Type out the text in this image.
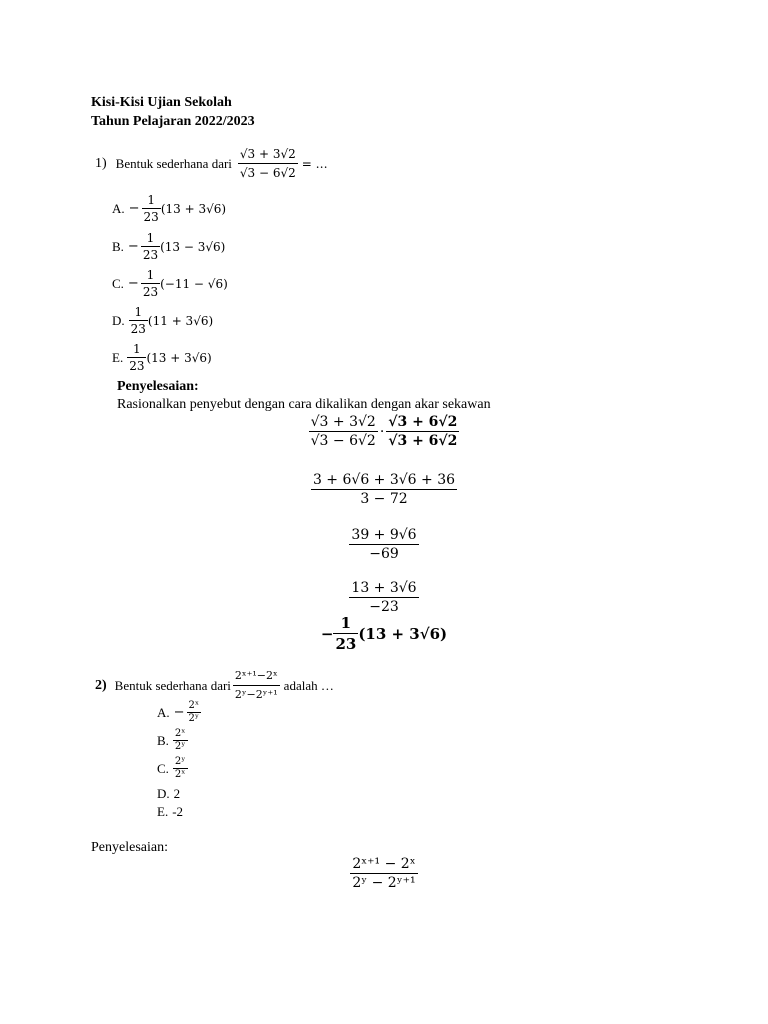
Kisi-Kisi Ujian Sekolah
Tahun Pelajaran 2022/2023
1) Bentuk sederhana dari $\frac{√3 + 3√2}{√3 - 6√2}$ = …
A. − $\frac{1}{23} (13 + 3√6)$
B. − $\frac{1}{23} (13 - 3√6)$
C. − $\frac{1}{23} (-11 - √6)$
D. $\frac{1}{23} (11 + 3√6)$
E. $\frac{1}{23} (13 + 3√6)$
Penyelesaian:
Rasionalkan penyebut dengan cara dikalikan dengan akar sekawan
$\frac{√3 + 3√2}{√3 - 6√2} \cdot \frac{√3 + 6√2}{√3 + 6√2}$
$\frac{3 + 6√6 + 3√6 + 36}{3 - 72}$
$\frac{39 + 9√6}{-69}$
$\frac{13 + 3√6}{-23}$
− $\frac{1}{23} (13 + 3√6)$
2) Bentuk sederhana dari $\frac{\text{2ˣ⁺¹−2ˣ}}{\text{2ʸ−2ʸ⁺¹}}$ adalah …
A. − $\frac{\text{2ˣ}}{\text{2ʸ}}$
B. $\frac{\text{2ˣ}}{\text{2ʸ}}$
C. $\frac{\text{2ʸ}}{\text{2ˣ}}$
D. 2
E. -2
Penyelesaian:
$\frac{\text{2ˣ⁺¹ − 2ˣ}}{\text{2ʸ − 2ʸ⁺¹}}$
